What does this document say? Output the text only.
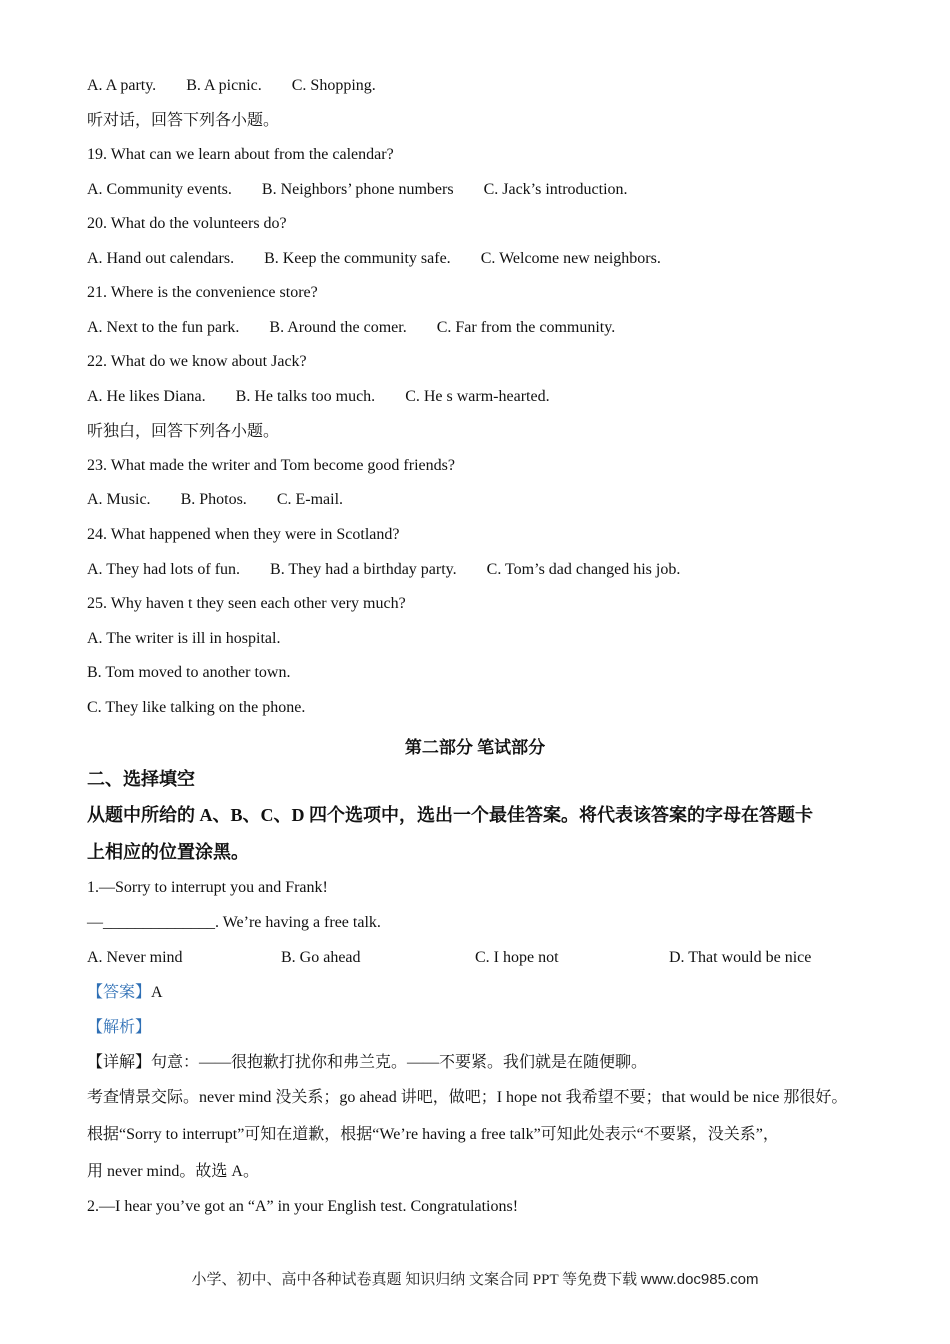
A. A party. B. A picnic. C. Shopping.
听对话，回答下列各小题。
19. What can we learn about from the calendar?
A. Community events. B. Neighbors’ phone numbers C. Jack’s introduction.
20. What do the volunteers do?
A. Hand out calendars. B. Keep the community safe. C. Welcome new neighbors.
21. Where is the convenience store?
A. Next to the fun park. B. Around the comer. C. Far from the community.
22. What do we know about Jack?
A. He likes Diana. B. He talks too much. C. He s warm-hearted.
听独白，回答下列各小题。
23. What made the writer and Tom become good friends?
A. Music. B. Photos. C. E-mail.
24. What happened when they were in Scotland?
A. They had lots of fun. B. They had a birthday party. C. Tom’s dad changed his job.
25. Why haven t they seen each other very much?
A. The writer is ill in hospital.
B. Tom moved to another town.
C. They like talking on the phone.
第二部分 笔试部分
二、选择填空
从题中所给的 A、B、C、D 四个选项中，选出一个最佳答案。将代表该答案的字母在答题卡
上相应的位置涂黑。
1.—Sorry to interrupt you and Frank!
—______________. We’re having a free talk.
A. Never mind	B. Go ahead	C. I hope not	D. That would be nice
【答案】A
【解析】
【详解】句意：——很抱歉打扰你和弗兰克。——不要紧。我们就是在随便聊。
考查情景交际。never mind 没关系；go ahead 讲吧，做吧；I hope not 我希望不要；that would be nice 那很好。
根据“Sorry to interrupt”可知在道歉，根据“We’re having a free talk”可知此处表示“不要紧，没关系”，
用 never mind。故选 A。
2.—I hear you’ve got an “A” in your English test. Congratulations!
小学、初中、高中各种试卷真题 知识归纳 文案合同 PPT 等免费下载 www.doc985.com
